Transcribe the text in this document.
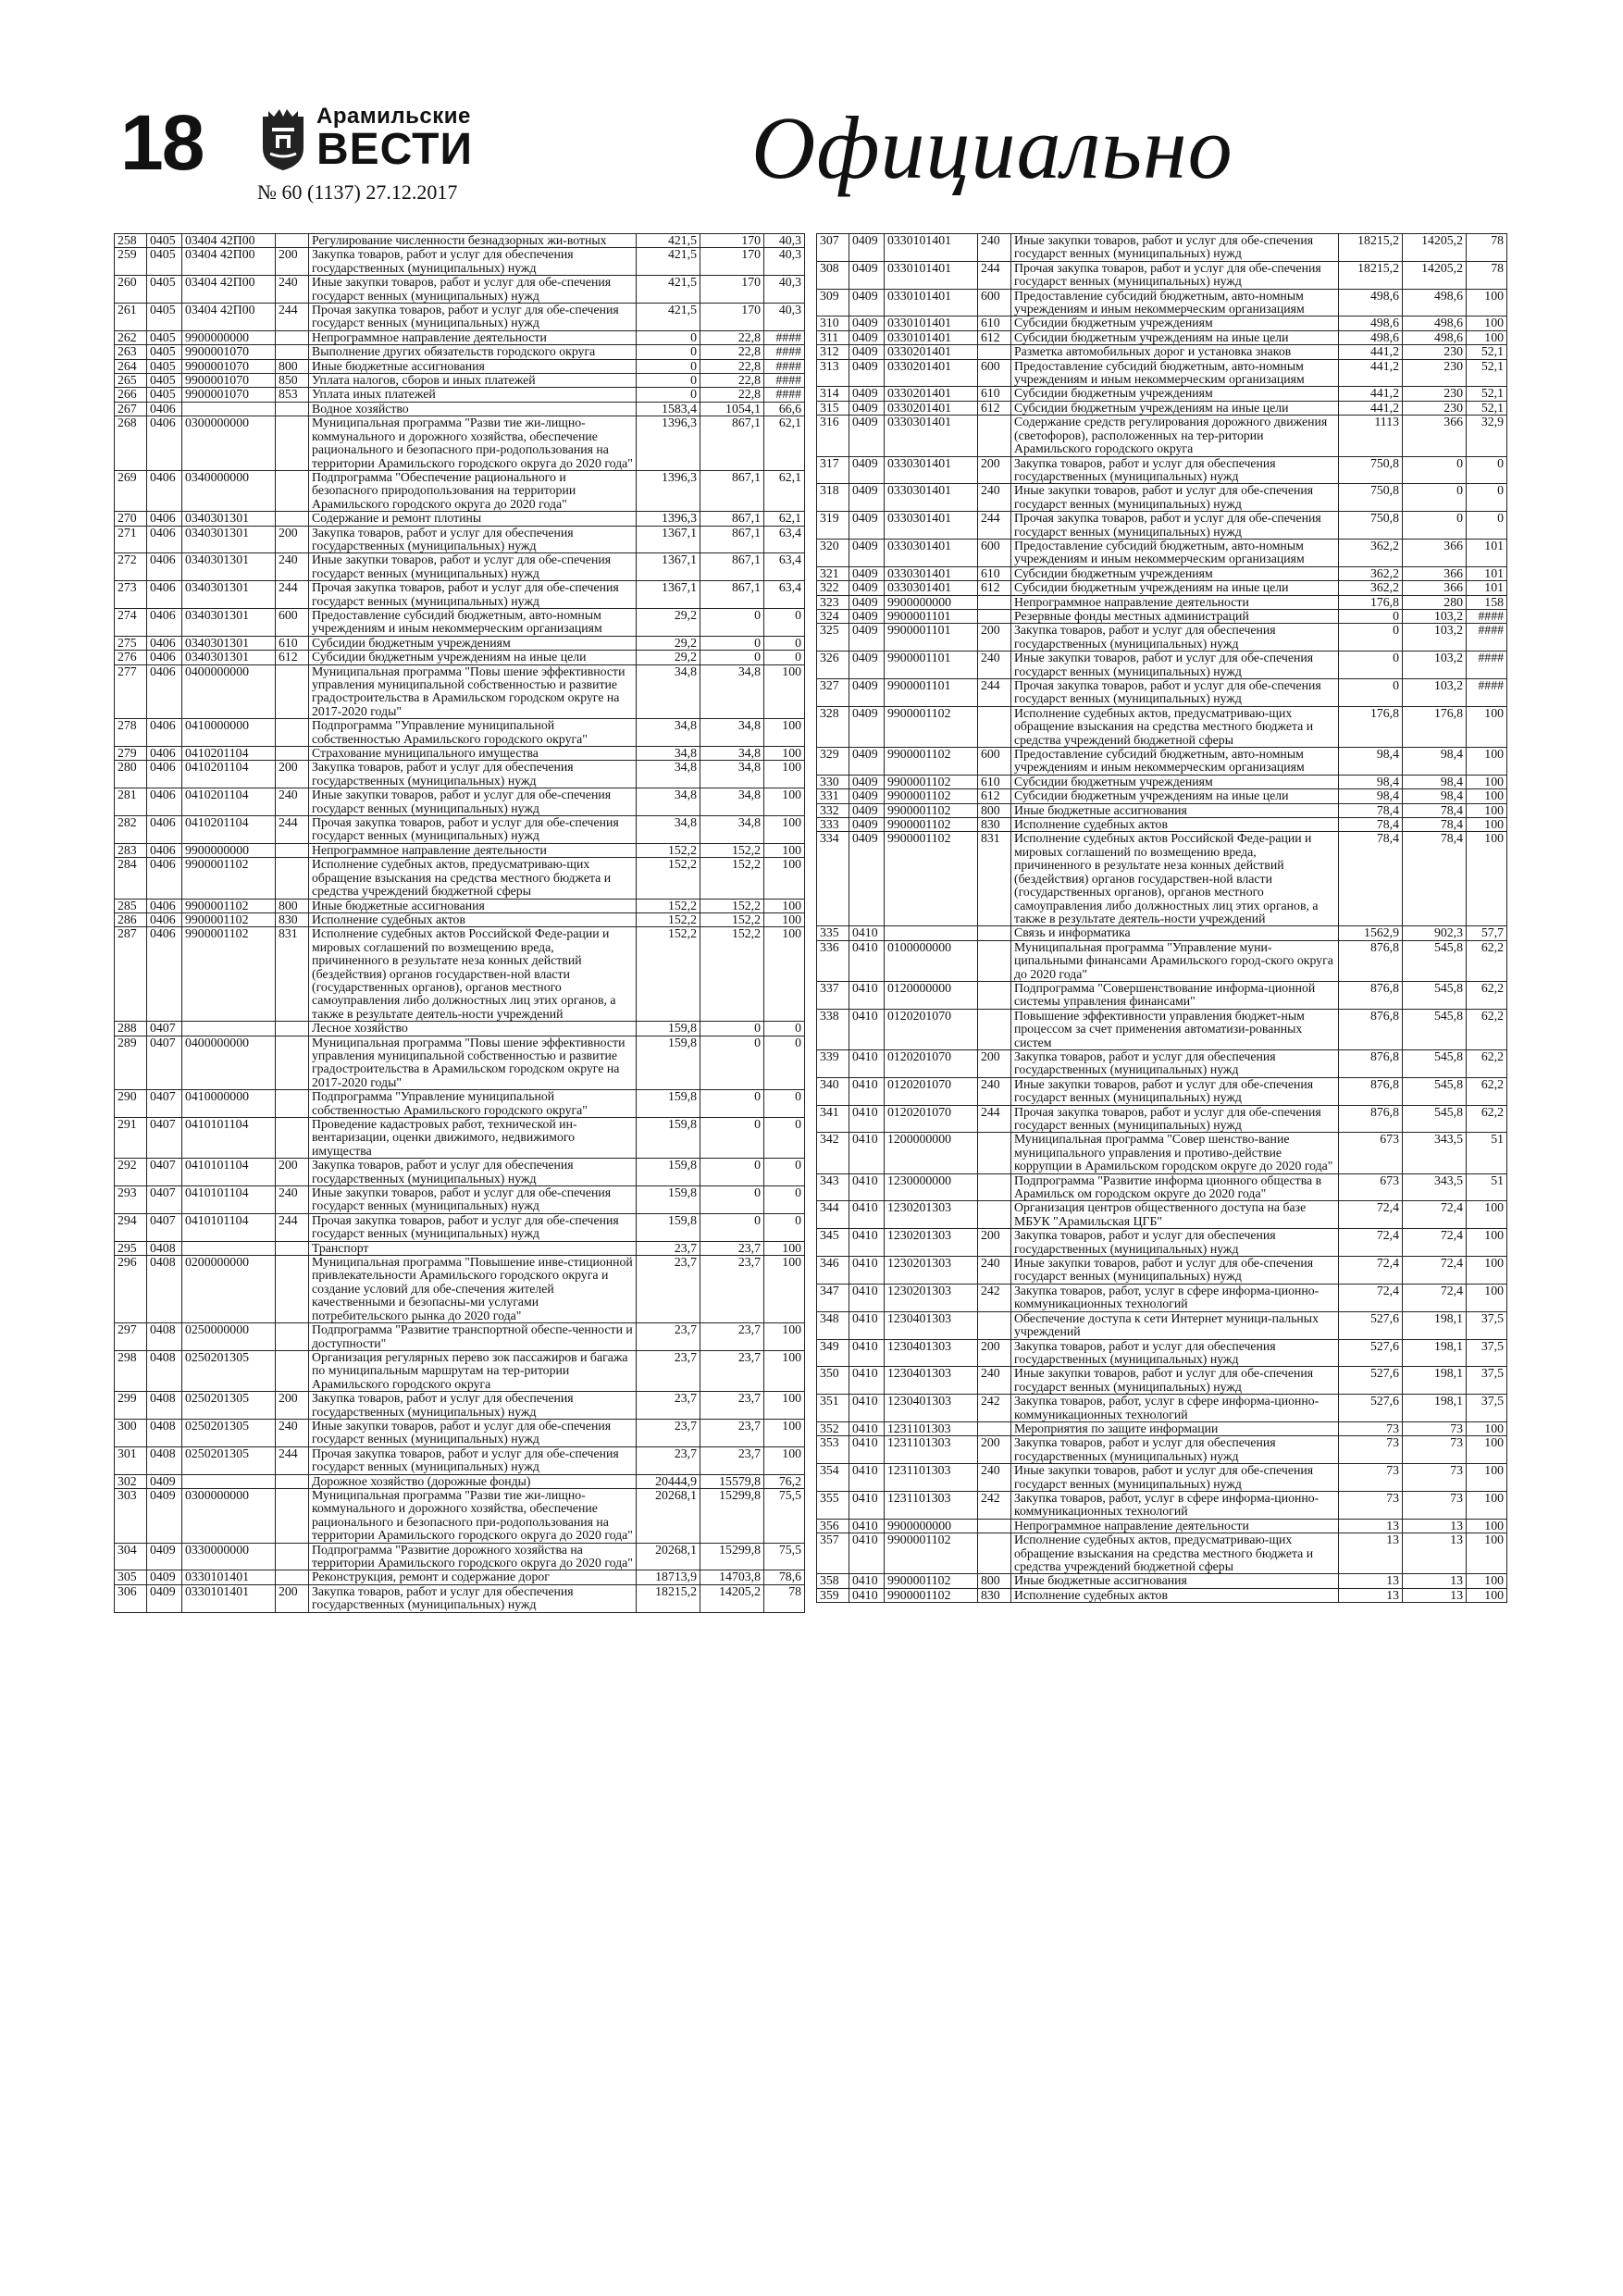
18	Арамильские
ВЕСТИ
№ 60 (1137) 27.12.2017	Официально
258	0405	03404 42П00		Регулирование численности безнадзорных жи-вотных	421,5	170	40,3
259	0405	03404 42П00	200	Закупка товаров, работ и услуг для обеспечения государственных (муниципальных) нужд	421,5	170	40,3
260	0405	03404 42П00	240	Иные закупки товаров, работ и услуг для обе-спечения государст венных (муниципальных) нужд	421,5	170	40,3
261	0405	03404 42П00	244	Прочая закупка товаров, работ и услуг для обе-спечения государст венных (муниципальных) нужд	421,5	170	40,3
262	0405	9900000000		Непрограммное направление деятельности	0	22,8	####
263	0405	9900001070		Выполнение других обязательств городского округа	0	22,8	####
264	0405	9900001070	800	Иные бюджетные ассигнования	0	22,8	####
265	0405	9900001070	850	Уплата налогов, сборов и иных платежей	0	22,8	####
266	0405	9900001070	853	Уплата иных платежей	0	22,8	####
267	0406			Водное хозяйство	1583,4	1054,1	66,6
268	0406	0300000000		Муниципальная программа "Разви тие жи-лищно-коммунального и дорожного хозяйства, обеспечение рационального и безопасного при-родопользования на территории Арамильского городского округа до 2020 года"	1396,3	867,1	62,1
269	0406	0340000000		Подпрограмма "Обеспечение рационального и безопасного природопользования на территории Арамильского городского округа до 2020 года"	1396,3	867,1	62,1
270	0406	0340301301		Содержание и ремонт плотины	1396,3	867,1	62,1
271	0406	0340301301	200	Закупка товаров, работ и услуг для обеспечения государственных (муниципальных) нужд	1367,1	867,1	63,4
272	0406	0340301301	240	Иные закупки товаров, работ и услуг для обе-спечения государст венных (муниципальных) нужд	1367,1	867,1	63,4
273	0406	0340301301	244	Прочая закупка товаров, работ и услуг для обе-спечения государст венных (муниципальных) нужд	1367,1	867,1	63,4
274	0406	0340301301	600	Предоставление субсидий бюджетным, авто-номным учреждениям и иным некоммерческим организациям	29,2	0	0
275	0406	0340301301	610	Субсидии бюджетным учреждениям	29,2	0	0
276	0406	0340301301	612	Субсидии бюджетным учреждениям на иные цели	29,2	0	0
277	0406	0400000000		Муниципальная программа "Повы шение эффективности управления муниципальной собственностью и развитие градостроительства в Арамильском городском округе на 2017-2020 годы"	34,8	34,8	100
278	0406	0410000000		Подпрограмма "Управление муниципальной собственностью Арамильского городского округа"	34,8	34,8	100
279	0406	0410201104		Страхование муниципального имущества	34,8	34,8	100
280	0406	0410201104	200	Закупка товаров, работ и услуг для обеспечения государственных (муниципальных) нужд	34,8	34,8	100
281	0406	0410201104	240	Иные закупки товаров, работ и услуг для обе-спечения государст венных (муниципальных) нужд	34,8	34,8	100
282	0406	0410201104	244	Прочая закупка товаров, работ и услуг для обе-спечения государст венных (муниципальных) нужд	34,8	34,8	100
283	0406	9900000000		Непрограммное направление деятельности	152,2	152,2	100
284	0406	9900001102		Исполнение судебных актов, предусматриваю-щих обращение взыскания на средства местного бюджета и средства учреждений бюджетной сферы	152,2	152,2	100
285	0406	9900001102	800	Иные бюджетные ассигнования	152,2	152,2	100
286	0406	9900001102	830	Исполнение судебных актов	152,2	152,2	100
287	0406	9900001102	831	Исполнение судебных актов Российской Феде-рации и мировых соглашений по возмещению вреда, причиненного в результате неза конных действий (бездействия) органов государствен-ной власти (государственных органов), органов местного самоуправления либо должностных лиц этих органов, а также в результате деятель-ности учреждений	152,2	152,2	100
288	0407			Лесное хозяйство	159,8	0	0
289	0407	0400000000		Муниципальная программа "Повы шение эффективности управления муниципальной собственностью и развитие градостроительства в Арамильском городском округе на 2017-2020 годы"	159,8	0	0
290	0407	0410000000		Подпрограмма "Управление муниципальной собственностью Арамильского городского округа"	159,8	0	0
291	0407	0410101104		Проведение кадастровых работ, технической ин-вентаризации, оценки движимого, недвижимого имущества	159,8	0	0
292	0407	0410101104	200	Закупка товаров, работ и услуг для обеспечения государственных (муниципальных) нужд	159,8	0	0
293	0407	0410101104	240	Иные закупки товаров, работ и услуг для обе-спечения государст венных (муниципальных) нужд	159,8	0	0
294	0407	0410101104	244	Прочая закупка товаров, работ и услуг для обе-спечения государст венных (муниципальных) нужд	159,8	0	0
295	0408			Транспорт	23,7	23,7	100
296	0408	0200000000		Муниципальная программа "Повышение инве-стиционной привлекательности Арамильского городского округа и создание условий для обе-спечения жителей качественными и безопасны-ми услугами потребительского рынка до 2020 года"	23,7	23,7	100
297	0408	0250000000		Подпрограмма "Развитие транспортной обеспе-ченности и доступности"	23,7	23,7	100
298	0408	0250201305		Организация регулярных перево зок пассажиров и багажа по муниципальным маршрутам на тер-ритории Арамильского городского округа	23,7	23,7	100
299	0408	0250201305	200	Закупка товаров, работ и услуг для обеспечения государственных (муниципальных) нужд	23,7	23,7	100
300	0408	0250201305	240	Иные закупки товаров, работ и услуг для обе-спечения государст венных (муниципальных) нужд	23,7	23,7	100
301	0408	0250201305	244	Прочая закупка товаров, работ и услуг для обе-спечения государст венных (муниципальных) нужд	23,7	23,7	100
302	0409			Дорожное хозяйство (дорожные фонды)	20444,9	15579,8	76,2
303	0409	0300000000		Муниципальная программа "Разви тие жи-лищно-коммунального и дорожного хозяйства, обеспечение рационального и безопасного при-родопользования на территории Арамильского городского округа до 2020 года"	20268,1	15299,8	75,5
304	0409	0330000000		Подпрограмма "Развитие дорожного хозяйства на территории Арамильского городского округа до 2020 года"	20268,1	15299,8	75,5
305	0409	0330101401		Реконструкция, ремонт и содержание дорог	18713,9	14703,8	78,6
306	0409	0330101401	200	Закупка товаров, работ и услуг для обеспечения государственных (муниципальных) нужд	18215,2	14205,2	78
307	0409	0330101401	240	Иные закупки товаров, работ и услуг для обе-спечения государст венных (муниципальных) нужд	18215,2	14205,2	78
308	0409	0330101401	244	Прочая закупка товаров, работ и услуг для обе-спечения государст венных (муниципальных) нужд	18215,2	14205,2	78
309	0409	0330101401	600	Предоставление субсидий бюджетным, авто-номным учреждениям и иным некоммерческим организациям	498,6	498,6	100
310	0409	0330101401	610	Субсидии бюджетным учреждениям	498,6	498,6	100
311	0409	0330101401	612	Субсидии бюджетным учреждениям на иные цели	498,6	498,6	100
312	0409	0330201401		Разметка автомобильных дорог и установка знаков	441,2	230	52,1
313	0409	0330201401	600	Предоставление субсидий бюджетным, авто-номным учреждениям и иным некоммерческим организациям	441,2	230	52,1
314	0409	0330201401	610	Субсидии бюджетным учреждениям	441,2	230	52,1
315	0409	0330201401	612	Субсидии бюджетным учреждениям на иные цели	441,2	230	52,1
316	0409	0330301401		Содержание средств регулирования дорожного движения (светофоров), расположенных на тер-ритории Арамильского городского округа	1113	366	32,9
317	0409	0330301401	200	Закупка товаров, работ и услуг для обеспечения государственных (муниципальных) нужд	750,8	0	0
318	0409	0330301401	240	Иные закупки товаров, работ и услуг для обе-спечения государст венных (муниципальных) нужд	750,8	0	0
319	0409	0330301401	244	Прочая закупка товаров, работ и услуг для обе-спечения государст венных (муниципальных) нужд	750,8	0	0
320	0409	0330301401	600	Предоставление субсидий бюджетным, авто-номным учреждениям и иным некоммерческим организациям	362,2	366	101
321	0409	0330301401	610	Субсидии бюджетным учреждениям	362,2	366	101
322	0409	0330301401	612	Субсидии бюджетным учреждениям на иные цели	362,2	366	101
323	0409	9900000000		Непрограммное направление деятельности	176,8	280	158
324	0409	9900001101		Резервные фонды местных администраций	0	103,2	####
325	0409	9900001101	200	Закупка товаров, работ и услуг для обеспечения государственных (муниципальных) нужд	0	103,2	####
326	0409	9900001101	240	Иные закупки товаров, работ и услуг для обе-спечения государст венных (муниципальных) нужд	0	103,2	####
327	0409	9900001101	244	Прочая закупка товаров, работ и услуг для обе-спечения государст венных (муниципальных) нужд	0	103,2	####
328	0409	9900001102		Исполнение судебных актов, предусматриваю-щих обращение взыскания на средства местного бюджета и средства учреждений бюджетной сферы	176,8	176,8	100
329	0409	9900001102	600	Предоставление субсидий бюджетным, авто-номным учреждениям и иным некоммерческим организациям	98,4	98,4	100
330	0409	9900001102	610	Субсидии бюджетным учреждениям	98,4	98,4	100
331	0409	9900001102	612	Субсидии бюджетным учреждениям на иные цели	98,4	98,4	100
332	0409	9900001102	800	Иные бюджетные ассигнования	78,4	78,4	100
333	0409	9900001102	830	Исполнение судебных актов	78,4	78,4	100
334	0409	9900001102	831	Исполнение судебных актов Российской Феде-рации и мировых соглашений по возмещению вреда, причиненного в результате неза конных действий (бездействия) органов государствен-ной власти (государственных органов), органов местного самоуправления либо должностных лиц этих органов, а также в результате деятель-ности учреждений	78,4	78,4	100
335	0410			Связь и информатика	1562,9	902,3	57,7
336	0410	0100000000		Муниципальная программа "Управление муни-ципальными финансами Арамильского город-ского округа до 2020 года"	876,8	545,8	62,2
337	0410	0120000000		Подпрограмма "Совершенствование информа-ционной системы управления финансами"	876,8	545,8	62,2
338	0410	0120201070		Повышение эффективности управления бюджет-ным процессом за счет применения автоматизи-рованных систем	876,8	545,8	62,2
339	0410	0120201070	200	Закупка товаров, работ и услуг для обеспечения государственных (муниципальных) нужд	876,8	545,8	62,2
340	0410	0120201070	240	Иные закупки товаров, работ и услуг для обе-спечения государст венных (муниципальных) нужд	876,8	545,8	62,2
341	0410	0120201070	244	Прочая закупка товаров, работ и услуг для обе-спечения государст венных (муниципальных) нужд	876,8	545,8	62,2
342	0410	1200000000		Муниципальная программа "Совер шенство-вание муниципального управления и противо-действие коррупции в Арамильском городском округе до 2020 года"	673	343,5	51
343	0410	1230000000		Подпрограмма "Развитие информа ционного общества в Арамильск ом городском округе до 2020 года"	673	343,5	51
344	0410	1230201303		Организация центров общественного доступа на базе МБУК "Арамильская ЦГБ"	72,4	72,4	100
345	0410	1230201303	200	Закупка товаров, работ и услуг для обеспечения государственных (муниципальных) нужд	72,4	72,4	100
346	0410	1230201303	240	Иные закупки товаров, работ и услуг для обе-спечения государст венных (муниципальных) нужд	72,4	72,4	100
347	0410	1230201303	242	Закупка товаров, работ, услуг в сфере информа-ционно-коммуникационных технологий	72,4	72,4	100
348	0410	1230401303		Обеспечение доступа к сети Интернет муници-пальных учреждений	527,6	198,1	37,5
349	0410	1230401303	200	Закупка товаров, работ и услуг для обеспечения государственных (муниципальных) нужд	527,6	198,1	37,5
350	0410	1230401303	240	Иные закупки товаров, работ и услуг для обе-спечения государст венных (муниципальных) нужд	527,6	198,1	37,5
351	0410	1230401303	242	Закупка товаров, работ, услуг в сфере информа-ционно-коммуникационных технологий	527,6	198,1	37,5
352	0410	1231101303		Мероприятия по защите информации	73	73	100
353	0410	1231101303	200	Закупка товаров, работ и услуг для обеспечения государственных (муниципальных) нужд	73	73	100
354	0410	1231101303	240	Иные закупки товаров, работ и услуг для обе-спечения государст венных (муниципальных) нужд	73	73	100
355	0410	1231101303	242	Закупка товаров, работ, услуг в сфере информа-ционно-коммуникационных технологий	73	73	100
356	0410	9900000000		Непрограммное направление деятельности	13	13	100
357	0410	9900001102		Исполнение судебных актов, предусматриваю-щих обращение взыскания на средства местного бюджета и средства учреждений бюджетной сферы	13	13	100
358	0410	9900001102	800	Иные бюджетные ассигнования	13	13	100
359	0410	9900001102	830	Исполнение судебных актов	13	13	100
